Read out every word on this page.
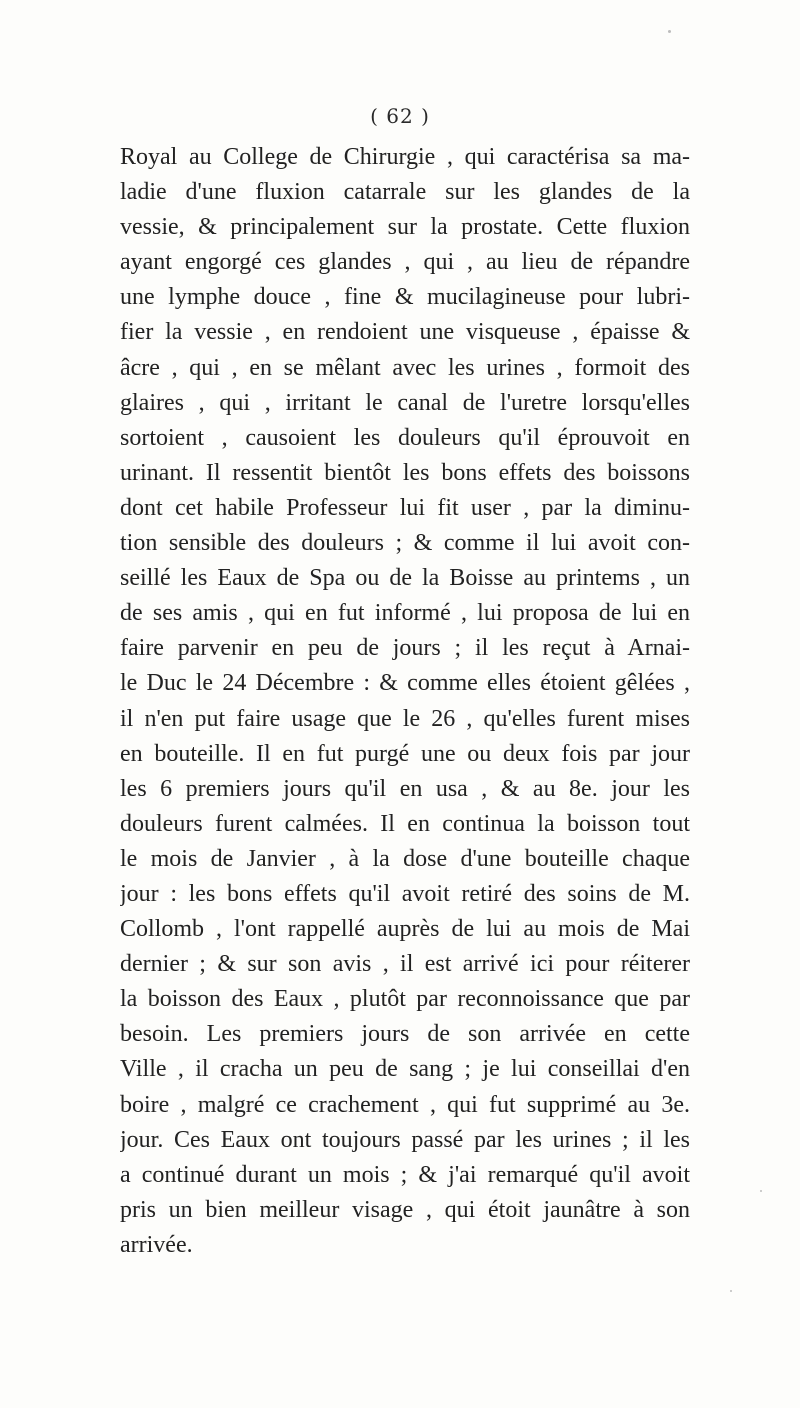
( 62 )
Royal au College de Chirurgie , qui caractérisa sa ma-
ladie d'une fluxion catarrale sur les glandes de la
vessie, & principalement sur la prostate. Cette fluxion
ayant engorgé ces glandes , qui , au lieu de répandre
une lymphe douce , fine & mucilagineuse pour lubri-
fier la vessie , en rendoient une visqueuse , épaisse &
âcre , qui , en se mêlant avec les urines , formoit des
glaires , qui , irritant le canal de l'uretre lorsqu'elles
sortoient , causoient les douleurs qu'il éprouvoit en
urinant. Il ressentit bientôt les bons effets des boissons
dont cet habile Professeur lui fit user , par la diminu-
tion sensible des douleurs ; & comme il lui avoit con-
seillé les Eaux de Spa ou de la Boisse au printems , un
de ses amis , qui en fut informé , lui proposa de lui en
faire parvenir en peu de jours ; il les reçut à Arnai-
le Duc le 24 Décembre : & comme elles étoient gêlées ,
il n'en put faire usage que le 26 , qu'elles furent mises
en bouteille. Il en fut purgé une ou deux fois par jour
les 6 premiers jours qu'il en usa , & au 8e. jour les
douleurs furent calmées. Il en continua la boisson tout
le mois de Janvier , à la dose d'une bouteille chaque
jour : les bons effets qu'il avoit retiré des soins de M.
Collomb , l'ont rappellé auprès de lui au mois de Mai
dernier ; & sur son avis , il est arrivé ici pour réiterer
la boisson des Eaux , plutôt par reconnoissance que par
besoin. Les premiers jours de son arrivée en cette
Ville , il cracha un peu de sang ; je lui conseillai d'en
boire , malgré ce crachement , qui fut supprimé au 3e.
jour. Ces Eaux ont toujours passé par les urines ; il les
a continué durant un mois ; & j'ai remarqué qu'il avoit
pris un bien meilleur visage , qui étoit jaunâtre à son
arrivée.
